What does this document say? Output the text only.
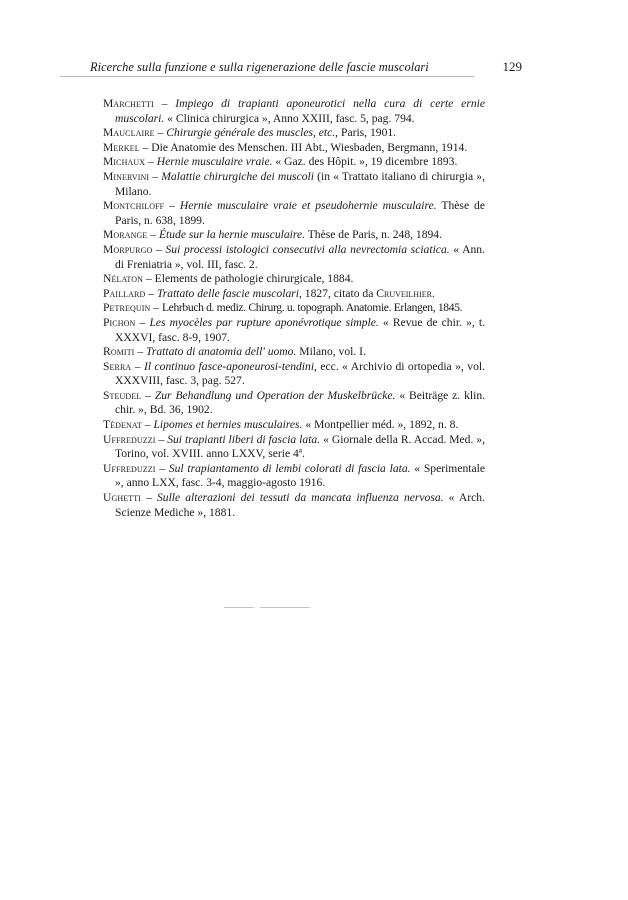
Ricerche sulla funzione e sulla rigenerazione delle fascie muscolari	129
Marchetti – Impiego di trapianti aponeurotici nella cura di certe ernie muscolari. « Clinica chirurgica », Anno XXIII, fasc. 5, pag. 794.
Mauclaire – Chirurgie générale des muscles, etc., Paris, 1901.
Merkel – Die Anatomie des Menschen. III Abt., Wiesbaden, Bergmann, 1914.
Michaux – Hernie musculaire vraie. « Gaz. des Hôpit. », 19 dicembre 1893.
Minervini – Malattie chirurgiche dei muscoli (in « Trattato italiano di chirurgia », Milano.
Montchiloff – Hernie musculaire vraie et pseudohernie musculaire. Thèse de Paris, n. 638, 1899.
Morange – Étude sur la hernie musculaire. Thèse de Paris, n. 248, 1894.
Morpurgo – Sui processi istologici consecutivi alla nevrectomia sciatica. « Ann. di Freniatria », vol. III, fasc. 2.
Nélaton – Elements de pathologie chirurgicale, 1884.
Paillard – Trattato delle fascie muscolari, 1827, citato da Cruveilhier.
Petrequin – Lehrbuch d. mediz. Chirurg. u. topograph. Anatomie. Erlangen, 1845.
Pichon – Les myocèles par rupture aponévrotique simple. « Revue de chir. », t. XXXVI, fasc. 8-9, 1907.
Romiti – Trattato di anatomia dell' uomo. Milano, vol. I.
Serra – Il continuo fasce-aponeurosi-tendini, ecc. « Archivio di ortopedia », vol. XXXVIII, fasc. 3, pag. 527.
Steudel – Zur Behandlung und Operation der Muskelbrücke. « Beiträge z. klin. chir. », Bd. 36, 1902.
Tédenat – Lipomes et hernies musculaires. « Montpellier méd. », 1892, n. 8.
Uffreduzzi – Sui trapianti liberi di fascia lata. « Giornale della R. Accad. Med. », Torino, vol. XVIII. anno LXXV, serie 4ª.
Uffreduzzi – Sul trapiantamento di lembi colorati di fascia lata. « Sperimentale », anno LXX, fasc. 3-4, maggio-agosto 1916.
Ughetti – Sulle alterazioni dei tessuti da mancata influenza nervosa. « Arch. Scienze Mediche », 1881.
